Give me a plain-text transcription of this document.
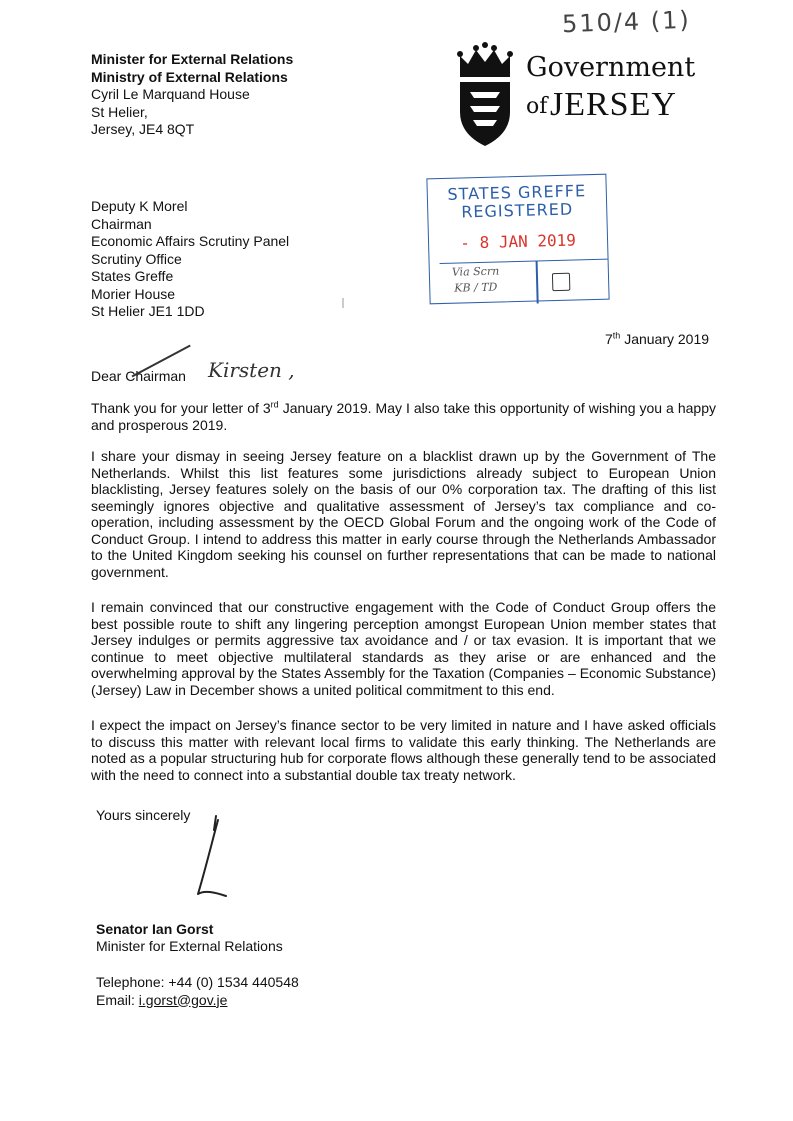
510/4 (1)
Minister for External Relations
Ministry of External Relations
Cyril Le Marquand House
St Helier,
Jersey, JE4 8QT
Government
of JERSEY
Deputy K Morel
Chairman
Economic Affairs Scrutiny Panel
Scrutiny Office
States Greffe
Morier House
St Helier JE1 1DD
STATES GREFFE
REGISTERED
- 8 JAN 2019
Via Scrn
KB / TD
7th January 2019
Dear Chairman Kirsten ,
Thank you for your letter of 3rd January 2019. May I also take this opportunity of wishing you a happy and prosperous 2019.
I share your dismay in seeing Jersey feature on a blacklist drawn up by the Government of The Netherlands. Whilst this list features some jurisdictions already subject to European Union blacklisting, Jersey features solely on the basis of our 0% corporation tax. The drafting of this list seemingly ignores objective and qualitative assessment of Jersey’s tax compliance and co-operation, including assessment by the OECD Global Forum and the ongoing work of the Code of Conduct Group. I intend to address this matter in early course through the Netherlands Ambassador to the United Kingdom seeking his counsel on further representations that can be made to national government.
I remain convinced that our constructive engagement with the Code of Conduct Group offers the best possible route to shift any lingering perception amongst European Union member states that Jersey indulges or permits aggressive tax avoidance and / or tax evasion. It is important that we continue to meet objective multilateral standards as they arise or are enhanced and the overwhelming approval by the States Assembly for the Taxation (Companies – Economic Substance) (Jersey) Law in December shows a united political commitment to this end.
I expect the impact on Jersey’s finance sector to be very limited in nature and I have asked officials to discuss this matter with relevant local firms to validate this early thinking. The Netherlands are noted as a popular structuring hub for corporate flows although these generally tend to be associated with the need to connect into a substantial double tax treaty network.
Yours sincerely
Senator Ian Gorst
Minister for External Relations
Telephone: +44 (0) 1534 440548
Email: i.gorst@gov.je
